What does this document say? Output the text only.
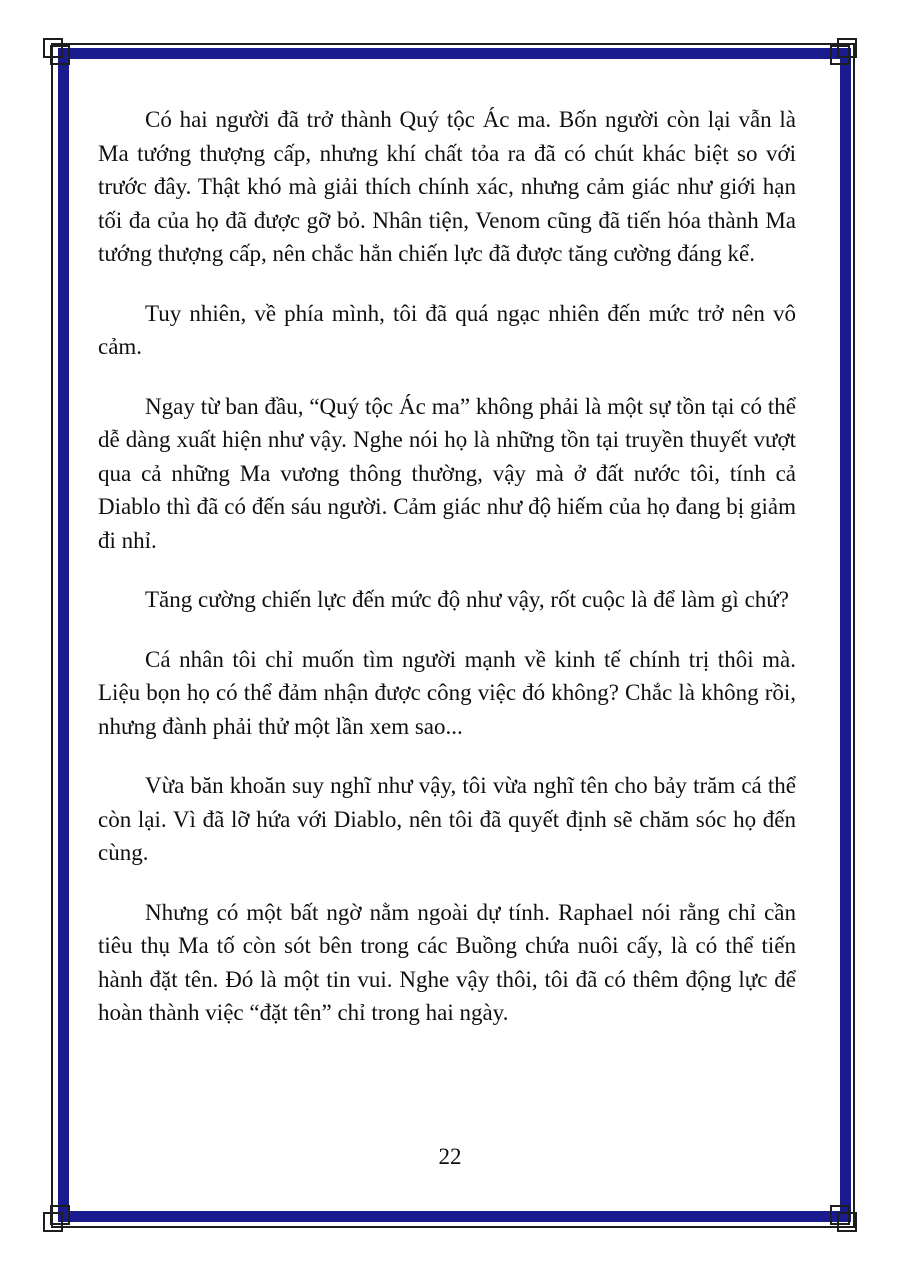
Có hai người đã trở thành Quý tộc Ác ma. Bốn người còn lại vẫn là Ma tướng thượng cấp, nhưng khí chất tỏa ra đã có chút khác biệt so với trước đây. Thật khó mà giải thích chính xác, nhưng cảm giác như giới hạn tối đa của họ đã được gỡ bỏ. Nhân tiện, Venom cũng đã tiến hóa thành Ma tướng thượng cấp, nên chắc hẳn chiến lực đã được tăng cường đáng kể.

Tuy nhiên, về phía mình, tôi đã quá ngạc nhiên đến mức trở nên vô cảm.

Ngay từ ban đầu, “Quý tộc Ác ma” không phải là một sự tồn tại có thể dễ dàng xuất hiện như vậy. Nghe nói họ là những tồn tại truyền thuyết vượt qua cả những Ma vương thông thường, vậy mà ở đất nước tôi, tính cả Diablo thì đã có đến sáu người. Cảm giác như độ hiếm của họ đang bị giảm đi nhỉ.

Tăng cường chiến lực đến mức độ như vậy, rốt cuộc là để làm gì chứ?

Cá nhân tôi chỉ muốn tìm người mạnh về kinh tế chính trị thôi mà. Liệu bọn họ có thể đảm nhận được công việc đó không? Chắc là không rồi, nhưng đành phải thử một lần xem sao...

Vừa băn khoăn suy nghĩ như vậy, tôi vừa nghĩ tên cho bảy trăm cá thể còn lại. Vì đã lỡ hứa với Diablo, nên tôi đã quyết định sẽ chăm sóc họ đến cùng.

Nhưng có một bất ngờ nằm ngoài dự tính. Raphael nói rằng chỉ cần tiêu thụ Ma tố còn sót bên trong các Buồng chứa nuôi cấy, là có thể tiến hành đặt tên. Đó là một tin vui. Nghe vậy thôi, tôi đã có thêm động lực để hoàn thành việc “đặt tên” chỉ trong hai ngày.

22
